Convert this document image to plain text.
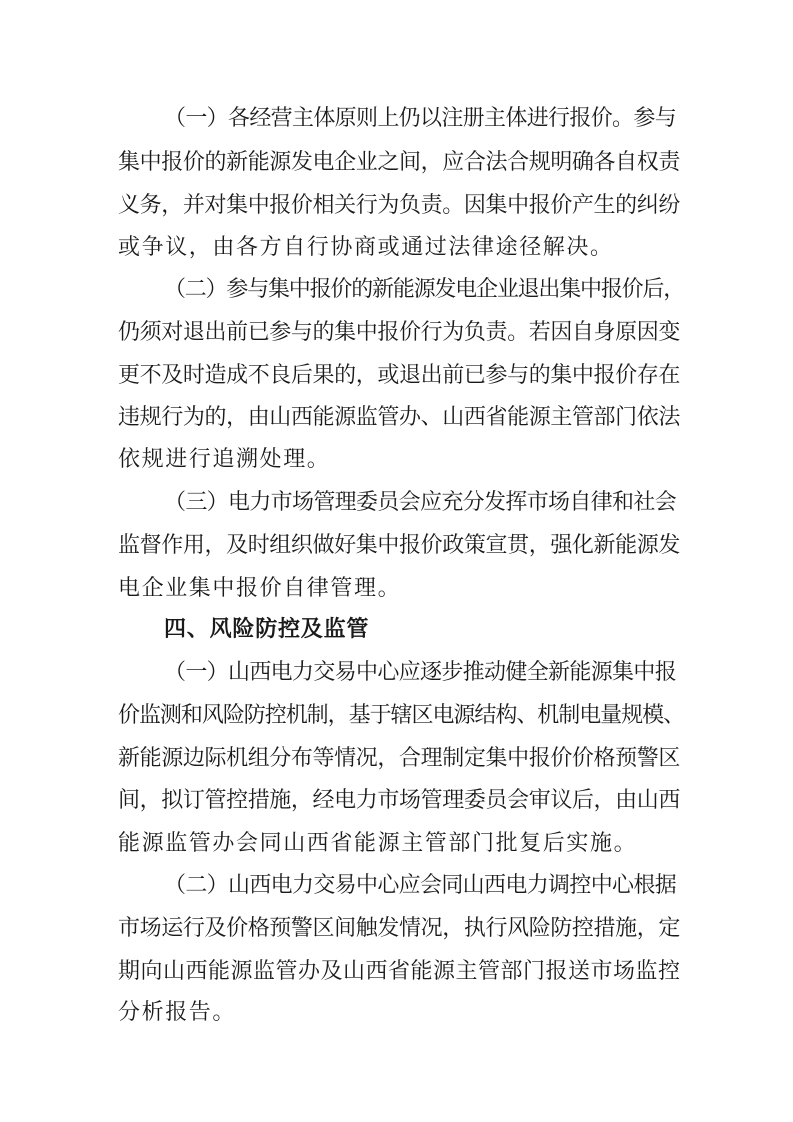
（一）各经营主体原则上仍以注册主体进行报价。参与
集中报价的新能源发电企业之间，应合法合规明确各自权责
义务，并对集中报价相关行为负责。因集中报价产生的纠纷
或争议，由各方自行协商或通过法律途径解决。
（二）参与集中报价的新能源发电企业退出集中报价后，
仍须对退出前已参与的集中报价行为负责。若因自身原因变
更不及时造成不良后果的，或退出前已参与的集中报价存在
违规行为的，由山西能源监管办、山西省能源主管部门依法
依规进行追溯处理。
（三）电力市场管理委员会应充分发挥市场自律和社会
监督作用，及时组织做好集中报价政策宣贯，强化新能源发
电企业集中报价自律管理。
四、风险防控及监管
（一）山西电力交易中心应逐步推动健全新能源集中报
价监测和风险防控机制，基于辖区电源结构、机制电量规模、
新能源边际机组分布等情况，合理制定集中报价价格预警区
间，拟订管控措施，经电力市场管理委员会审议后，由山西
能源监管办会同山西省能源主管部门批复后实施。
（二）山西电力交易中心应会同山西电力调控中心根据
市场运行及价格预警区间触发情况，执行风险防控措施，定
期向山西能源监管办及山西省能源主管部门报送市场监控
分析报告。
